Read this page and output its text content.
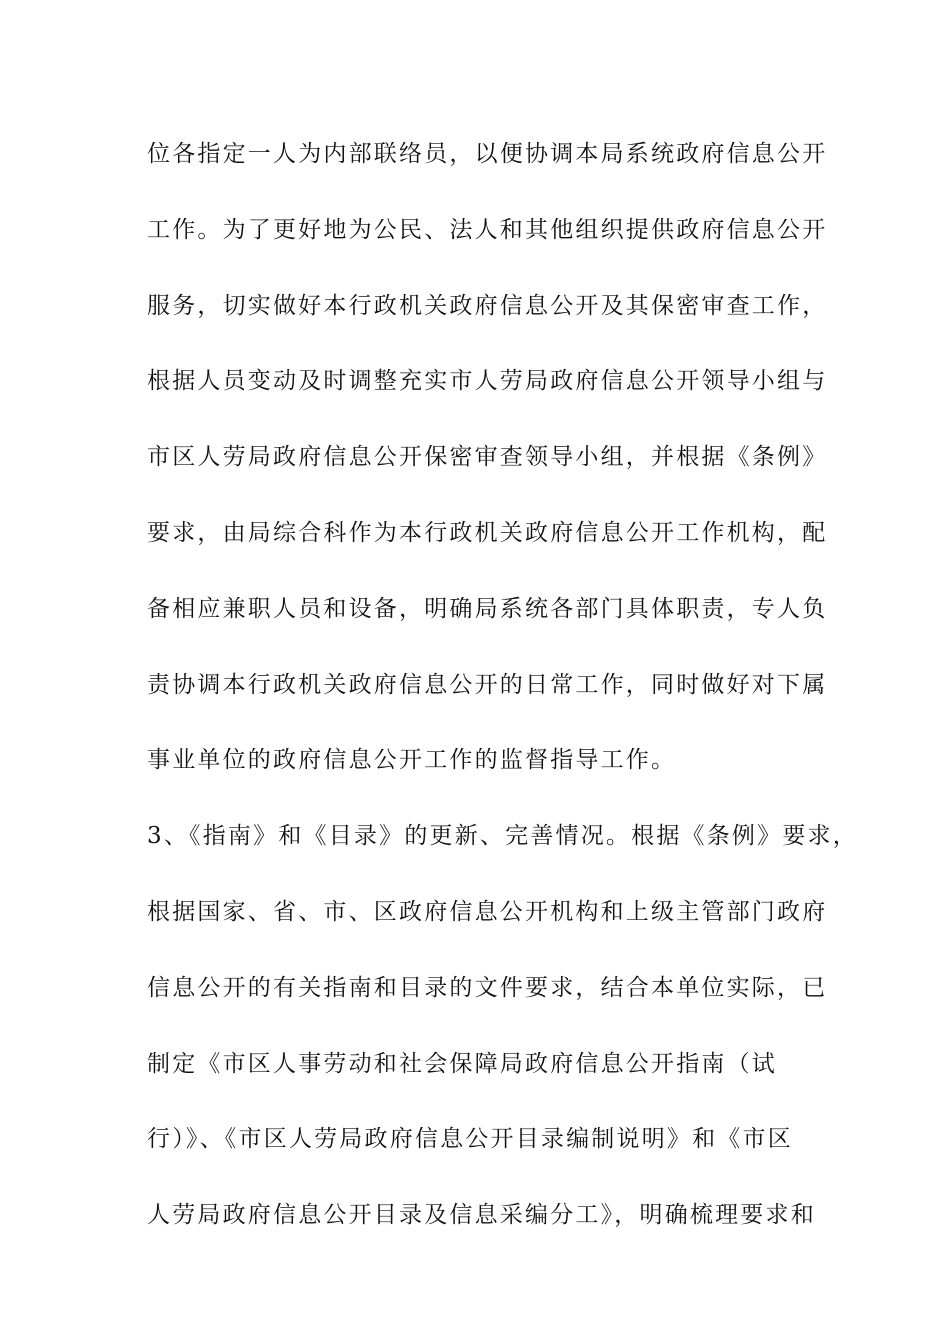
位各指定一人为内部联络员，以便协调本局系统政府信息公开
工作。为了更好地为公民、法人和其他组织提供政府信息公开
服务，切实做好本行政机关政府信息公开及其保密审查工作，
根据人员变动及时调整充实市人劳局政府信息公开领导小组与
市区人劳局政府信息公开保密审查领导小组，并根据《条例》
要求，由局综合科作为本行政机关政府信息公开工作机构，配
备相应兼职人员和设备，明确局系统各部门具体职责，专人负
责协调本行政机关政府信息公开的日常工作，同时做好对下属
事业单位的政府信息公开工作的监督指导工作。
3、《指南》和《目录》的更新、完善情况。根据《条例》要求，
根据国家、省、市、区政府信息公开机构和上级主管部门政府
信息公开的有关指南和目录的文件要求，结合本单位实际，已
制定《市区人事劳动和社会保障局政府信息公开指南（试
行）》、《市区人劳局政府信息公开目录编制说明》和《市区
人劳局政府信息公开目录及信息采编分工》，明确梳理要求和
